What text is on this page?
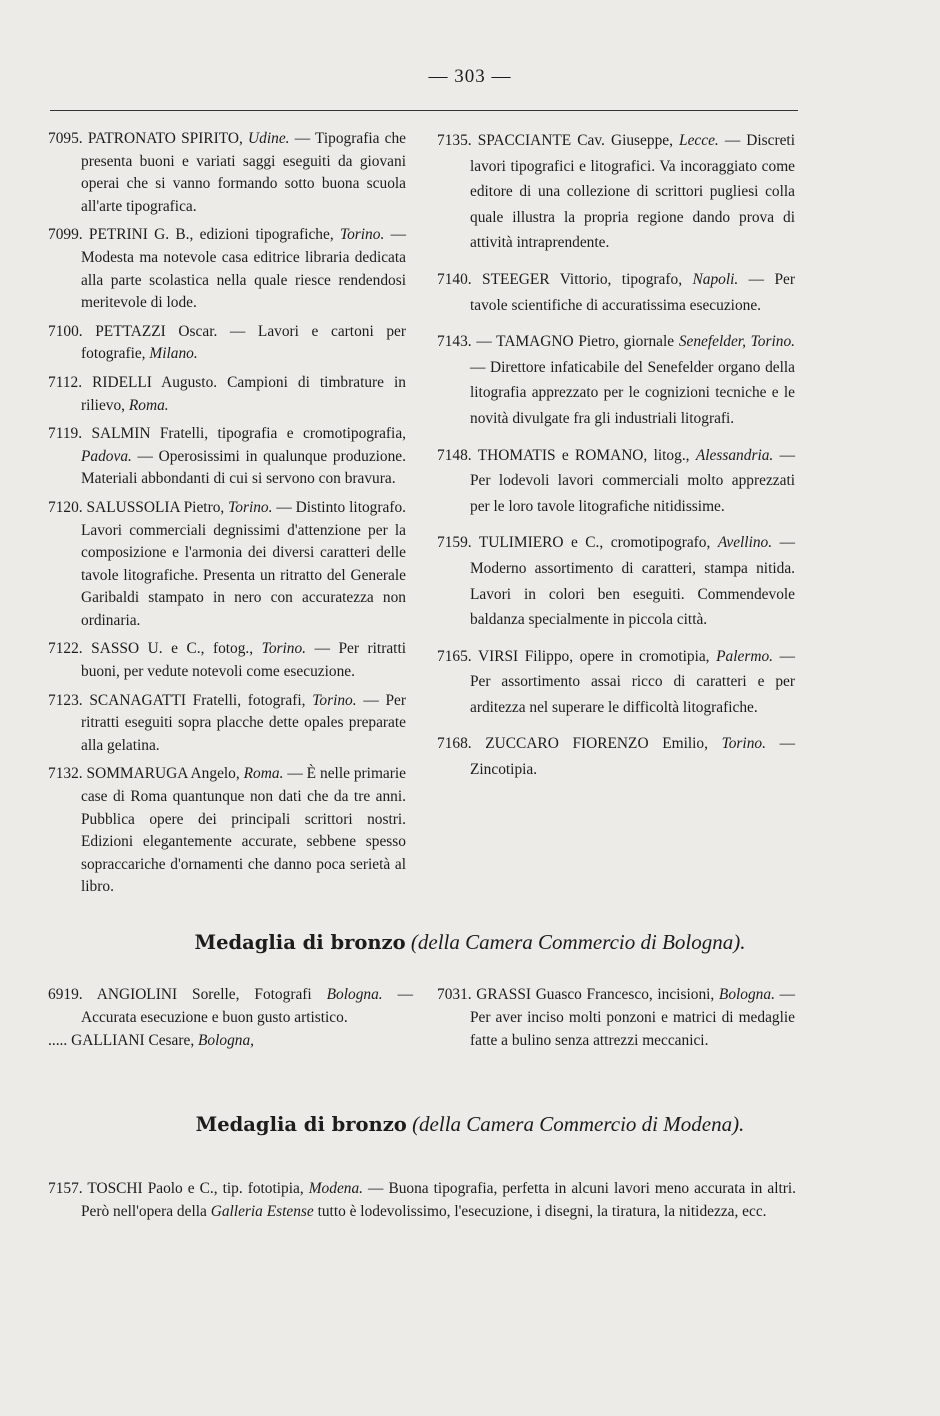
— 303 —

7095. PATRONATO SPIRITO, Udine. — Tipografia che presenta buoni e variati saggi eseguiti da giovani operai che si vanno formando sotto buona scuola all'arte tipografica.

7099. PETRINI G. B., edizioni tipografiche, Torino. — Modesta ma notevole casa editrice libraria dedicata alla parte scolastica nella quale riesce rendendosi meritevole di lode.

7100. PETTAZZI Oscar. — Lavori e cartoni per fotografie, Milano.

7112. RIDELLI Augusto. Campioni di timbrature in rilievo, Roma.

7119. SALMIN Fratelli, tipografia e cromotipografia, Padova. — Operosissimi in qualunque produzione. Materiali abbondanti di cui si servono con bravura.

7120. SALUSSOLIA Pietro, Torino. — Distinto litografo. Lavori commerciali degnissimi d'attenzione per la composizione e l'armonia dei diversi caratteri delle tavole litografiche. Presenta un ritratto del Generale Garibaldi stampato in nero con accuratezza non ordinaria.

7122. SASSO U. e C., fotog., Torino. — Per ritratti buoni, per vedute notevoli come esecuzione.

7123. SCANAGATTI Fratelli, fotografi, Torino. — Per ritratti eseguiti sopra placche dette opales preparate alla gelatina.

7132. SOMMARUGA Angelo, Roma. — È nelle primarie case di Roma quantunque non dati che da tre anni. Pubblica opere dei principali scrittori nostri. Edizioni elegantemente accurate, sebbene spesso sopraccariche d'ornamenti che danno poca serietà al libro.

7135. SPACCIANTE Cav. Giuseppe, Lecce. — Discreti lavori tipografici e litografici. Va incoraggiato come editore di una collezione di scrittori pugliesi colla quale illustra la propria regione dando prova di attività intraprendente.

7140. STEEGER Vittorio, tipografo, Napoli. — Per tavole scientifiche di accuratissima esecuzione.

7143. — TAMAGNO Pietro, giornale Senefelder, Torino. — Direttore infaticabile del Senefelder organo della litografia apprezzato per le cognizioni tecniche e le novità divulgate fra gli industriali litografi.

7148. THOMATIS e ROMANO, litog., Alessandria. — Per lodevoli lavori commerciali molto apprezzati per le loro tavole litografiche nitidissime.

7159. TULIMIERO e C., cromotipografo, Avellino. — Moderno assortimento di caratteri, stampa nitida. Lavori in colori ben eseguiti. Commendevole baldanza specialmente in piccola città.

7165. VIRSI Filippo, opere in cromotipia, Palermo. — Per assortimento assai ricco di caratteri e per arditezza nel superare le difficoltà litografiche.

7168. ZUCCARO FIORENZO Emilio, Torino. — Zincotipia.

Medaglia di bronzo (della Camera Commercio di Bologna).

6919. ANGIOLINI Sorelle, Fotografi Bologna. — Accurata esecuzione e buon gusto artistico.

..... GALLIANI Cesare, Bologna,

7031. GRASSI Guasco Francesco, incisioni, Bologna. — Per aver inciso molti ponzoni e matrici di medaglie fatte a bulino senza attrezzi meccanici.

Medaglia di bronzo (della Camera Commercio di Modena).

7157. TOSCHI Paolo e C., tip. fototipia, Modena. — Buona tipografia, perfetta in alcuni lavori meno accurata in altri. Però nell'opera della Galleria Estense tutto è lodevolissimo, l'esecuzione, i disegni, la tiratura, la nitidezza, ecc.
